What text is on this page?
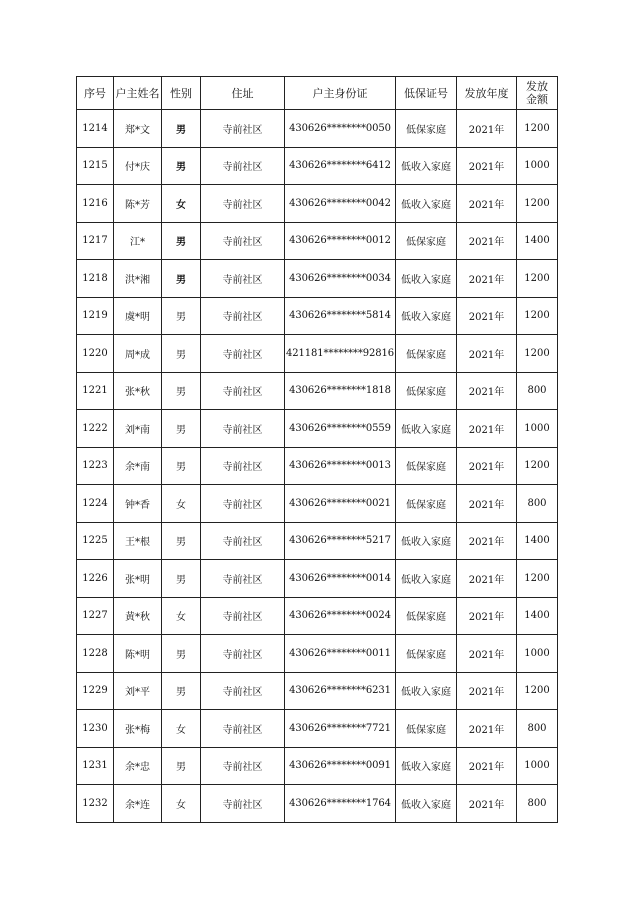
序号	户主姓名	性别	住址	户主身份证	低保证号	发放年度	发放
金额
1214	郑*文	男	寺前社区	430626********0050	低保家庭	2021年	1200
1215	付*庆	男	寺前社区	430626********6412	低收入家庭	2021年	1000
1216	陈*芳	女	寺前社区	430626********0042	低收入家庭	2021年	1200
1217	江*	男	寺前社区	430626********0012	低保家庭	2021年	1400
1218	洪*湘	男	寺前社区	430626********0034	低收入家庭	2021年	1200
1219	虞*明	男	寺前社区	430626********5814	低收入家庭	2021年	1200
1220	周*成	男	寺前社区	421181********92816	低保家庭	2021年	1200
1221	张*秋	男	寺前社区	430626********1818	低保家庭	2021年	800
1222	刘*南	男	寺前社区	430626********0559	低收入家庭	2021年	1000
1223	余*南	男	寺前社区	430626********0013	低保家庭	2021年	1200
1224	钟*香	女	寺前社区	430626********0021	低保家庭	2021年	800
1225	王*根	男	寺前社区	430626********5217	低收入家庭	2021年	1400
1226	张*明	男	寺前社区	430626********0014	低收入家庭	2021年	1200
1227	黄*秋	女	寺前社区	430626********0024	低保家庭	2021年	1400
1228	陈*明	男	寺前社区	430626********0011	低保家庭	2021年	1000
1229	刘*平	男	寺前社区	430626********6231	低收入家庭	2021年	1200
1230	张*梅	女	寺前社区	430626********7721	低保家庭	2021年	800
1231	余*忠	男	寺前社区	430626********0091	低收入家庭	2021年	1000
1232	余*连	女	寺前社区	430626********1764	低收入家庭	2021年	800
